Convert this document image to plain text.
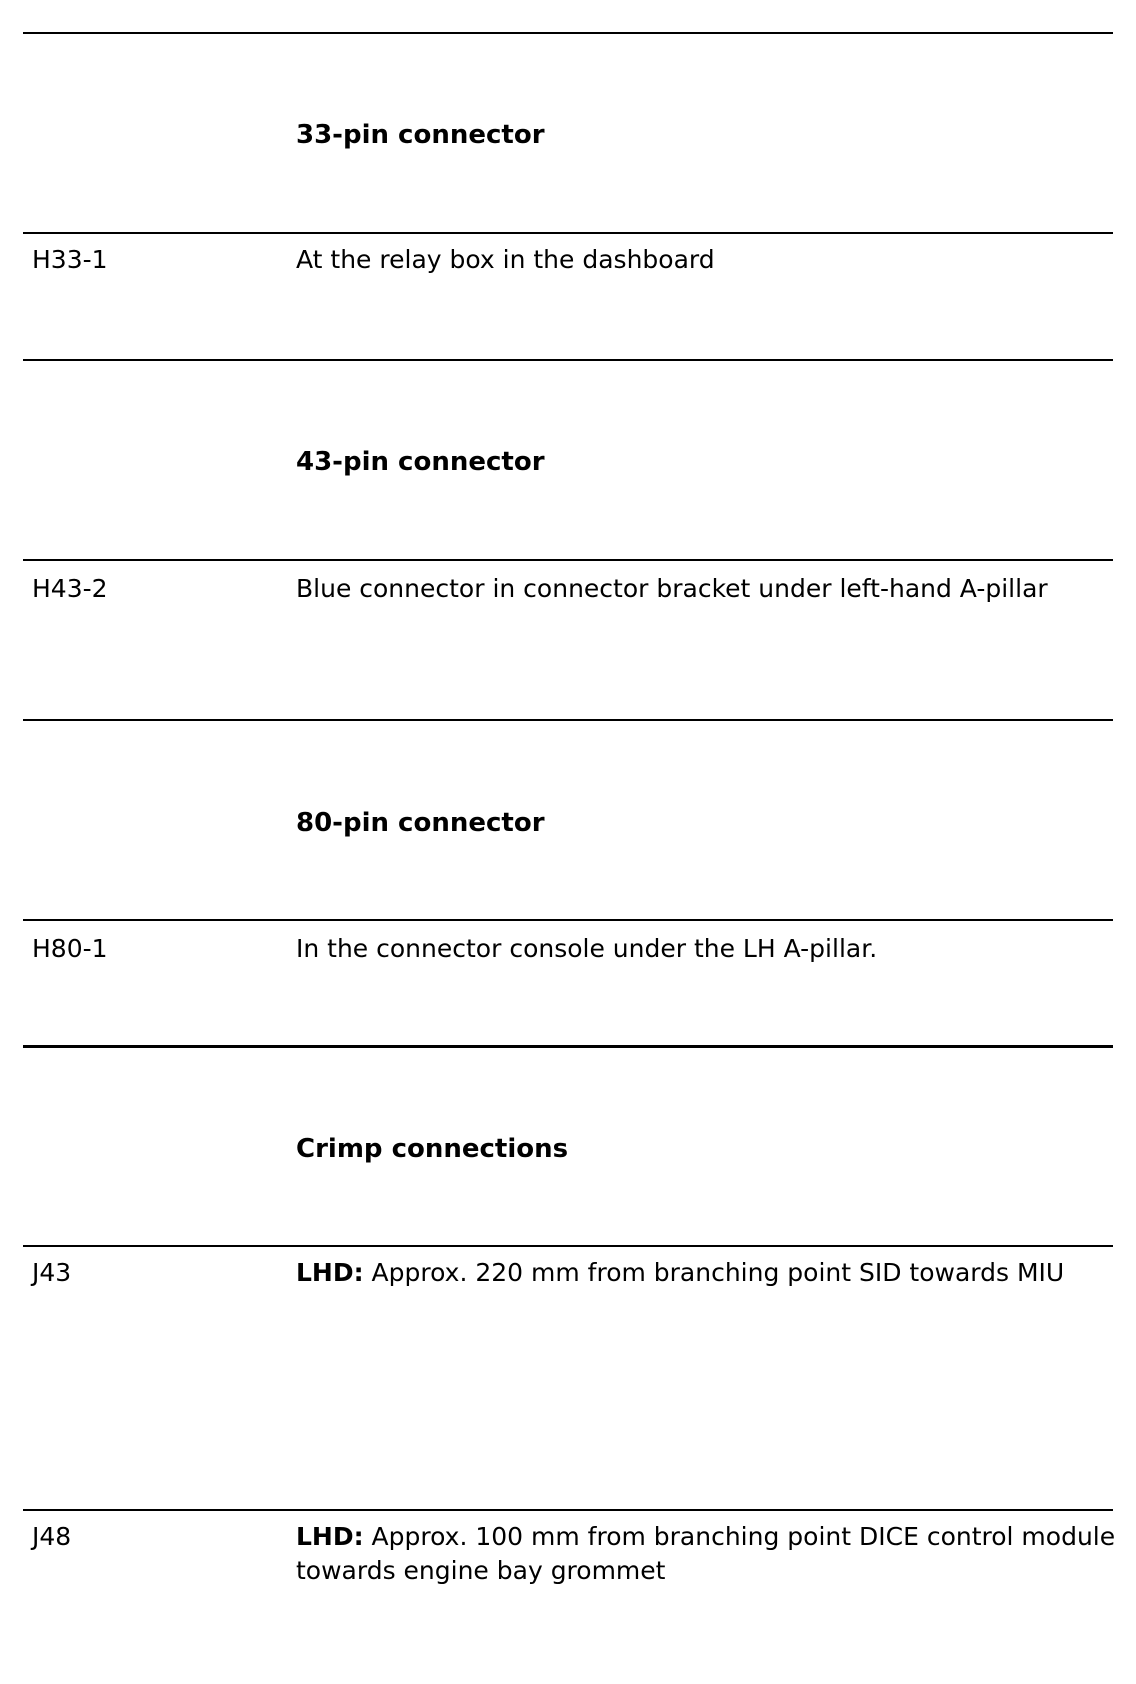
33-pin connector
H33-1	At the relay box in the dashboard
43-pin connector
H43-2	Blue connector in connector bracket under left-hand A-pillar
80-pin connector
H80-1	In the connector console under the LH A-pillar.
Crimp connections
J43	LHD: Approx. 220 mm from branching point SID towards MIU
J48	LHD: Approx. 100 mm from branching point DICE control module towards engine bay grommet
